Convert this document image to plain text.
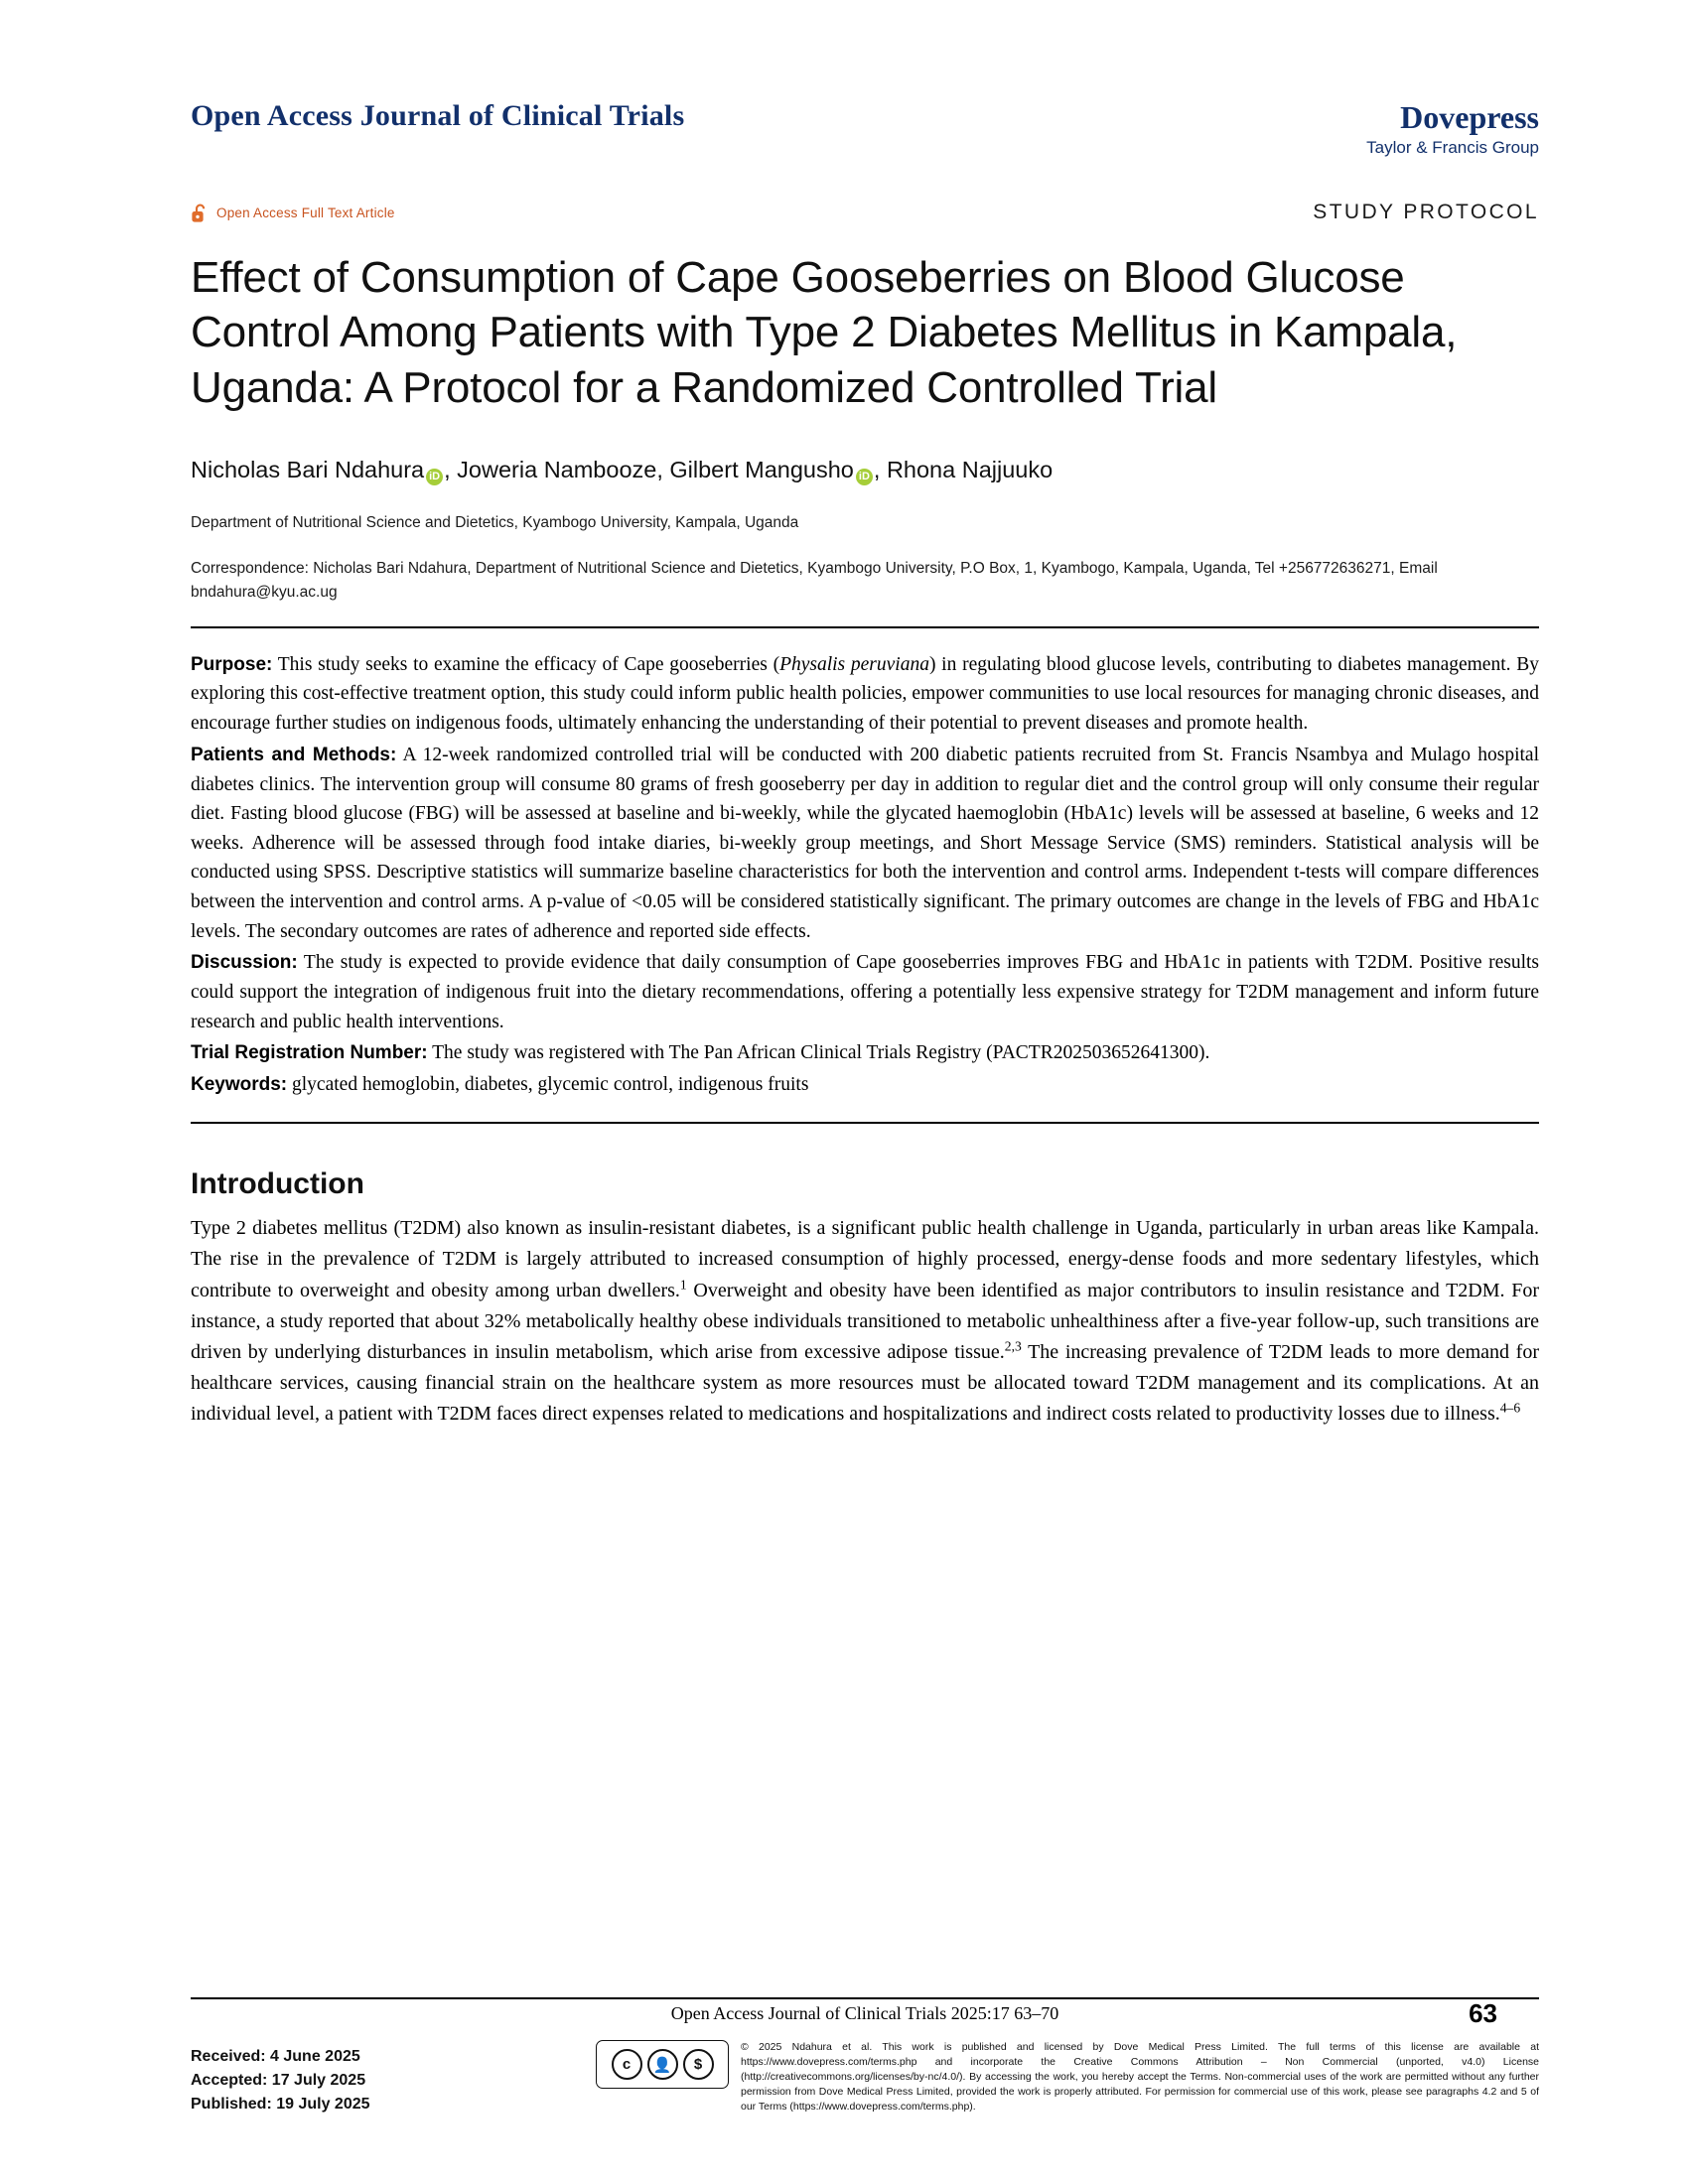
Open Access Journal of Clinical Trials	Dovepress
Taylor & Francis Group
Open Access Full Text Article	STUDY PROTOCOL
Effect of Consumption of Cape Gooseberries on Blood Glucose Control Among Patients with Type 2 Diabetes Mellitus in Kampala, Uganda: A Protocol for a Randomized Controlled Trial
Nicholas Bari Ndahura iD , Joweria Nambooze, Gilbert Mangusho iD , Rhona Najjuuko
Department of Nutritional Science and Dietetics, Kyambogo University, Kampala, Uganda
Correspondence: Nicholas Bari Ndahura, Department of Nutritional Science and Dietetics, Kyambogo University, P.O Box, 1, Kyambogo, Kampala, Uganda, Tel +256772636271, Email bndahura@kyu.ac.ug

Purpose: This study seeks to examine the efficacy of Cape gooseberries (Physalis peruviana) in regulating blood glucose levels, contributing to diabetes management. By exploring this cost-effective treatment option, this study could inform public health policies, empower communities to use local resources for managing chronic diseases, and encourage further studies on indigenous foods, ultimately enhancing the understanding of their potential to prevent diseases and promote health.

Patients and Methods: A 12-week randomized controlled trial will be conducted with 200 diabetic patients recruited from St. Francis Nsambya and Mulago hospital diabetes clinics. The intervention group will consume 80 grams of fresh gooseberry per day in addition to regular diet and the control group will only consume their regular diet. Fasting blood glucose (FBG) will be assessed at baseline and bi-weekly, while the glycated haemoglobin (HbA1c) levels will be assessed at baseline, 6 weeks and 12 weeks. Adherence will be assessed through food intake diaries, bi-weekly group meetings, and Short Message Service (SMS) reminders. Statistical analysis will be conducted using SPSS. Descriptive statistics will summarize baseline characteristics for both the intervention and control arms. Independent t-tests will compare differences between the intervention and control arms. A p-value of <0.05 will be considered statistically significant. The primary outcomes are change in the levels of FBG and HbA1c levels. The secondary outcomes are rates of adherence and reported side effects.

Discussion: The study is expected to provide evidence that daily consumption of Cape gooseberries improves FBG and HbA1c in patients with T2DM. Positive results could support the integration of indigenous fruit into the dietary recommendations, offering a potentially less expensive strategy for T2DM management and inform future research and public health interventions.

Trial Registration Number: The study was registered with The Pan African Clinical Trials Registry (PACTR202503652641300).

Keywords: glycated hemoglobin, diabetes, glycemic control, indigenous fruits

Introduction
Type 2 diabetes mellitus (T2DM) also known as insulin-resistant diabetes, is a significant public health challenge in Uganda, particularly in urban areas like Kampala. The rise in the prevalence of T2DM is largely attributed to increased consumption of highly processed, energy-dense foods and more sedentary lifestyles, which contribute to overweight and obesity among urban dwellers.$^1$ Overweight and obesity have been identified as major contributors to insulin resistance and T2DM. For instance, a study reported that about 32% metabolically healthy obese individuals transitioned to metabolic unhealthiness after a five-year follow-up, such transitions are driven by underlying disturbances in insulin metabolism, which arise from excessive adipose tissue.$^{2,3}$ The increasing prevalence of T2DM leads to more demand for healthcare services, causing financial strain on the healthcare system as more resources must be allocated toward T2DM management and its complications. At an individual level, a patient with T2DM faces direct expenses related to medications and hospitalizations and indirect costs related to productivity losses due to illness.$^{4-6}$
Open Access Journal of Clinical Trials 2025:17 63–70	63
Received: 4 June 2025
Accepted: 17 July 2025
Published: 19 July 2025
c	👤	$
© 2025 Ndahura et al. This work is published and licensed by Dove Medical Press Limited. The full terms of this license are available at https://www.dovepress.com/terms.php and incorporate the Creative Commons Attribution – Non Commercial (unported, v4.0) License (http://creativecommons.org/licenses/by-nc/4.0/). By accessing the work, you hereby accept the Terms. Non-commercial uses of the work are permitted without any further permission from Dove Medical Press Limited, provided the work is properly attributed. For permission for commercial use of this work, please see paragraphs 4.2 and 5 of our Terms (https://www.dovepress.com/terms.php).
